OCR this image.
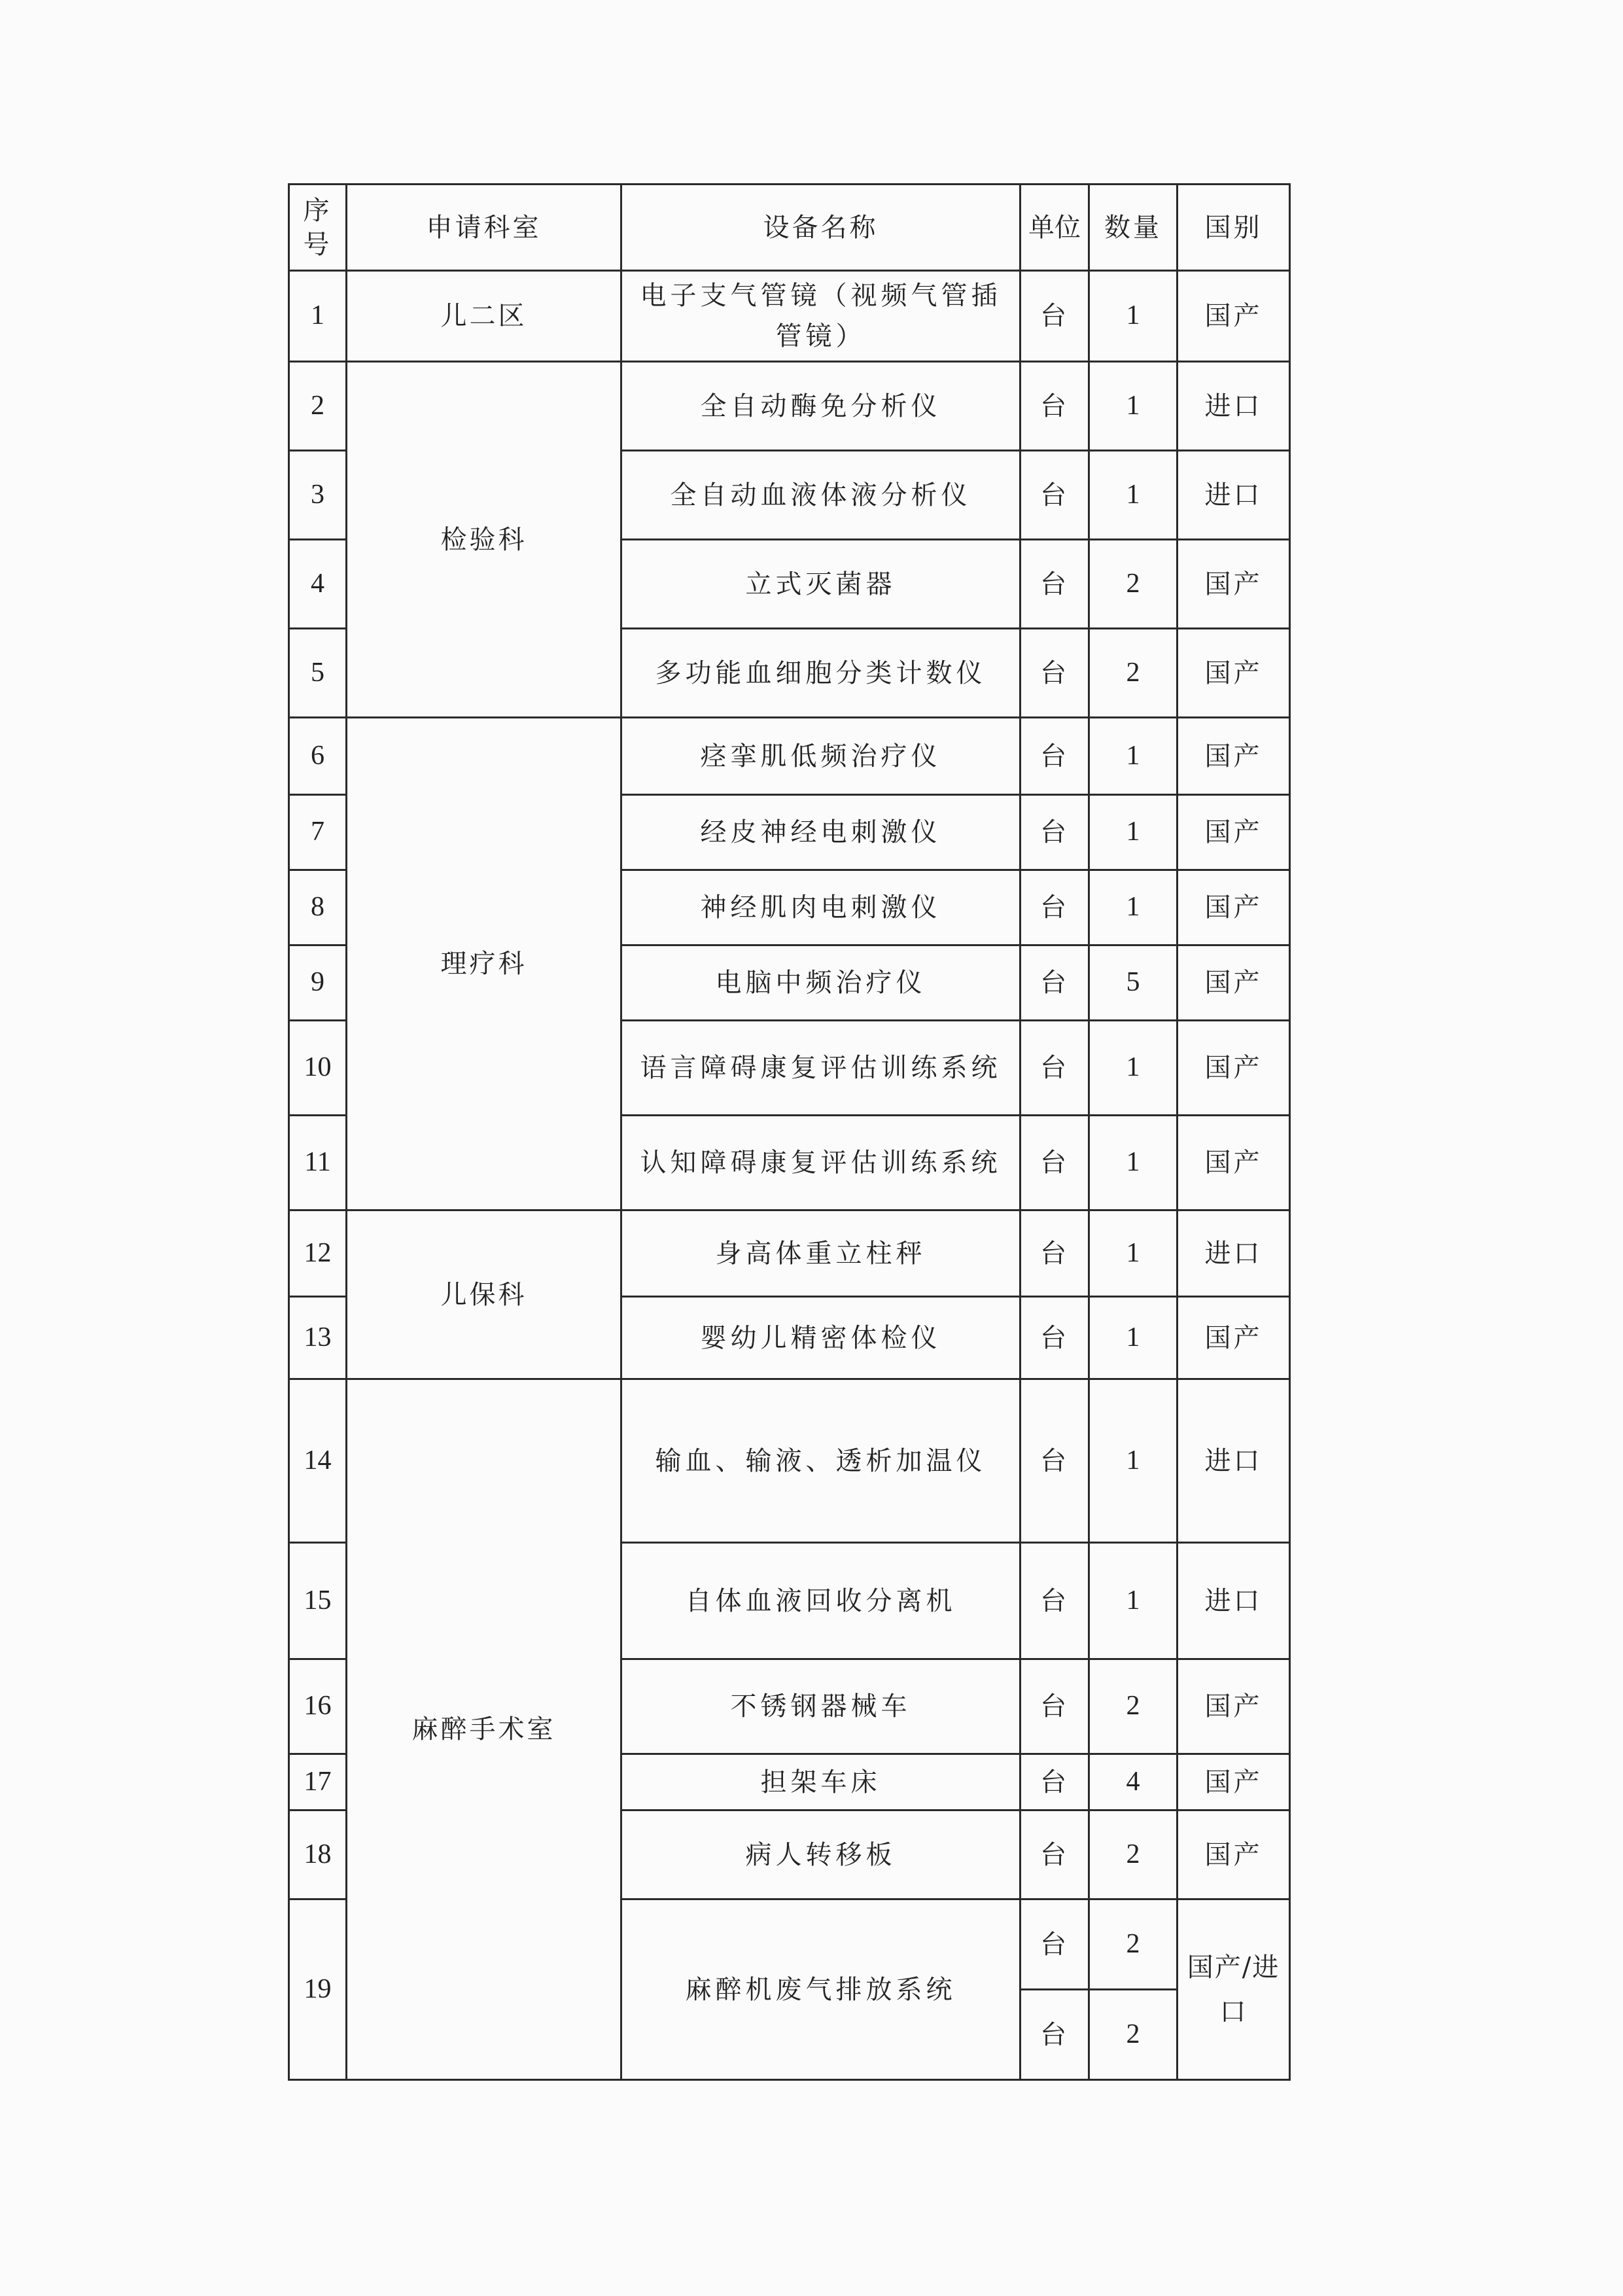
序号	申请科室	设备名称	单位	数量	国别
1	儿二区	电子支气管镜（视频气管插管镜）	台	1	国产
2	检验科	全自动酶免分析仪	台	1	进口
3		全自动血液体液分析仪	台	1	进口
4		立式灭菌器	台	2	国产
5		多功能血细胞分类计数仪	台	2	国产
6	理疗科	痉挛肌低频治疗仪	台	1	国产
7		经皮神经电刺激仪	台	1	国产
8		神经肌肉电刺激仪	台	1	国产
9		电脑中频治疗仪	台	5	国产
10		语言障碍康复评估训练系统	台	1	国产
11		认知障碍康复评估训练系统	台	1	国产
12	儿保科	身高体重立柱秤	台	1	进口
13		婴幼儿精密体检仪	台	1	国产
14	麻醉手术室	输血、输液、透析加温仪	台	1	进口
15		自体血液回收分离机	台	1	进口
16		不锈钢器械车	台	2	国产
17		担架车床	台	4	国产
18		病人转移板	台	2	国产
19		麻醉机废气排放系统	台	2	国产/进口
			台	2	
